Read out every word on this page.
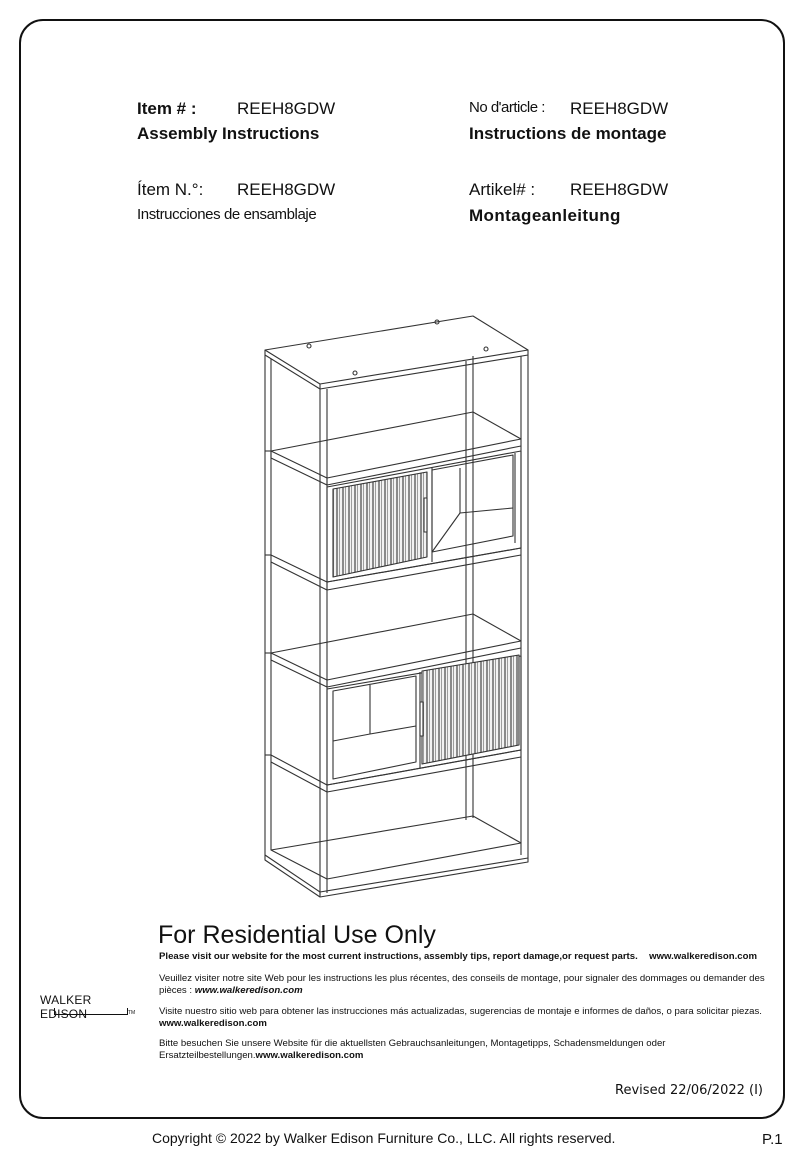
Item # : REEH8GDW
Assembly Instructions
No d'article : REEH8GDW
Instructions de montage
Ítem N.°: REEH8GDW
Instrucciones de ensamblaje
Artikel# : REEH8GDW
Montageanleitung
For Residential Use Only
Please visit our website for the most current instructions, assembly tips, report damage,or request parts. www.walkeredison.com
Veuillez visiter notre site Web pour les instructions les plus récentes, des conseils de montage, pour signaler des dommages ou demander des pièces : www.walkeredison.com
Visite nuestro sitio web para obtener las instrucciones más actualizadas, sugerencias de montaje e informes de daños, o para solicitar piezas. www.walkeredison.com
Bitte besuchen Sie unsere Website für die aktuellsten Gebrauchsanleitungen, Montagetipps, Schadensmeldungen oder Ersatzteilbestellungen.www.walkeredison.com
WALKER EDISON	TM
Revised 22/06/2022 (I)
Copyright © 2022 by Walker Edison Furniture Co., LLC. All rights reserved.	P.1
